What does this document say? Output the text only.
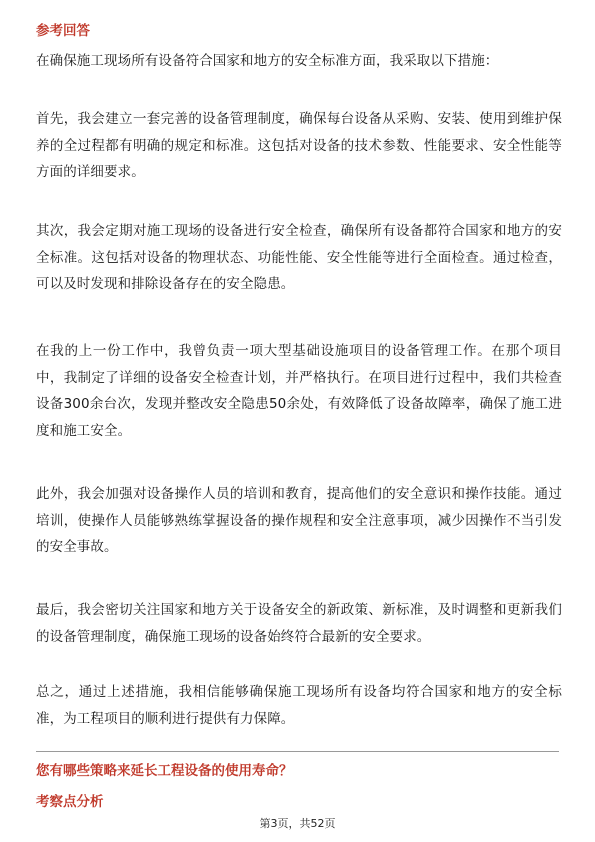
参考回答
在确保施工现场所有设备符合国家和地方的安全标准方面，我采取以下措施：
首先，我会建立一套完善的设备管理制度，确保每台设备从采购、安装、使用到维护保养的全过程都有明确的规定和标准。这包括对设备的技术参数、性能要求、安全性能等方面的详细要求。
其次，我会定期对施工现场的设备进行安全检查，确保所有设备都符合国家和地方的安全标准。这包括对设备的物理状态、功能性能、安全性能等进行全面检查。通过检查，可以及时发现和排除设备存在的安全隐患。
在我的上一份工作中，我曾负责一项大型基础设施项目的设备管理工作。在那个项目中，我制定了详细的设备安全检查计划，并严格执行。在项目进行过程中，我们共检查设备300余台次，发现并整改安全隐患50余处，有效降低了设备故障率，确保了施工进度和施工安全。
此外，我会加强对设备操作人员的培训和教育，提高他们的安全意识和操作技能。通过培训，使操作人员能够熟练掌握设备的操作规程和安全注意事项，减少因操作不当引发的安全事故。
最后，我会密切关注国家和地方关于设备安全的新政策、新标准，及时调整和更新我们的设备管理制度，确保施工现场的设备始终符合最新的安全要求。
总之，通过上述措施，我相信能够确保施工现场所有设备均符合国家和地方的安全标准，为工程项目的顺利进行提供有力保障。
您有哪些策略来延长工程设备的使用寿命？
考察点分析
第3页，共52页
